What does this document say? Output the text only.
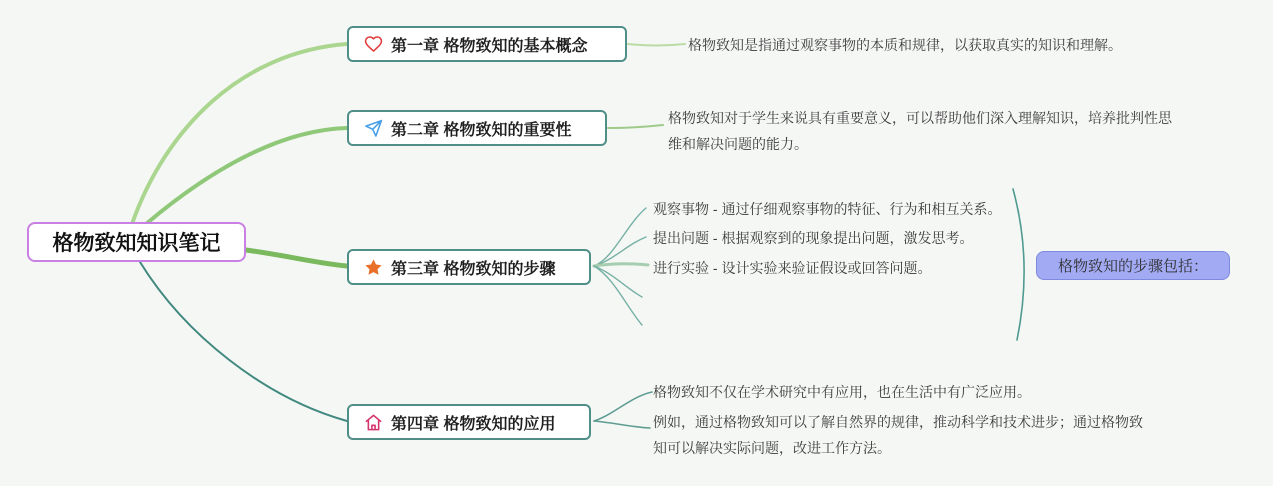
格物致知知识笔记
第一章 格物致知的基本概念
第二章 格物致知的重要性
第三章 格物致知的步骤
第四章 格物致知的应用
格物致知是指通过观察事物的本质和规律，以获取真实的知识和理解。
格物致知对于学生来说具有重要意义，可以帮助他们深入理解知识，培养批判性思维和解决问题的能力。
观察事物 - 通过仔细观察事物的特征、行为和相互关系。
提出问题 - 根据观察到的现象提出问题，激发思考。
进行实验 - 设计实验来验证假设或回答问题。
格物致知不仅在学术研究中有应用，也在生活中有广泛应用。
例如，通过格物致知可以了解自然界的规律，推动科学和技术进步；通过格物致知可以解决实际问题，改进工作方法。
格物致知的步骤包括：
